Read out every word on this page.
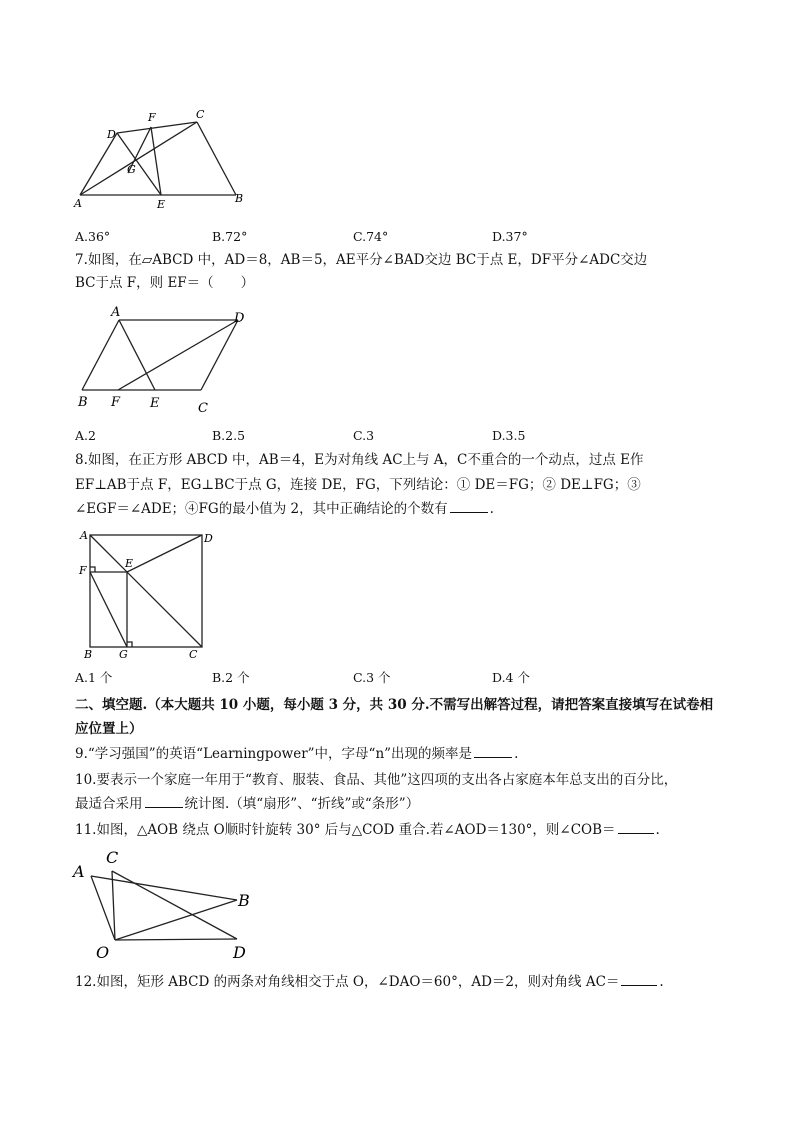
D
F	C
G
A	E	B
A.36°	B.72°	C.74°	D.37°
7.如图，在▱ABCD 中，AD＝8，AB＝5，AE平分∠BAD交边 BC于点 E，DF平分∠ADC交边
BC于点 F，则 EF＝（　　）
A	D
B F E	C
A.2	B.2.5	C.3	D.3.5
8.如图，在正方形 ABCD 中，AB＝4，E为对角线 AC上与 A，C不重合的一个动点，过点 E作
EF⊥AB于点 F，EG⊥BC于点 G，连接 DE，FG，下列结论：① DE＝FG；② DE⊥FG；③
∠EGF＝∠ADE；④FG的最小值为 2，其中正确结论的个数有	.
A	D
F
E
B G	C
A.1 个	B.2 个	C.3 个	D.4 个
二、填空题.（本大题共 10 小题，每小题 3 分，共 30 分.不需写出解答过程，请把答案直接填写在试卷相
应位置上）
9.“学习强国”的英语“Learningpower”中，字母“n”出现的频率是	.
10.要表示一个家庭一年用于“教育、服装、食品、其他”这四项的支出各占家庭本年总支出的百分比，
最适合采用	统计图.（填“扇形”、“折线”或“条形”）
11.如图，△AOB 绕点 O顺时针旋转 30° 后与△COD 重合.若∠AOD＝130°，则∠COB＝	.
C
A
B
O	D
12.如图，矩形 ABCD 的两条对角线相交于点 O，∠DAO＝60°，AD＝2，则对角线 AC＝	.
